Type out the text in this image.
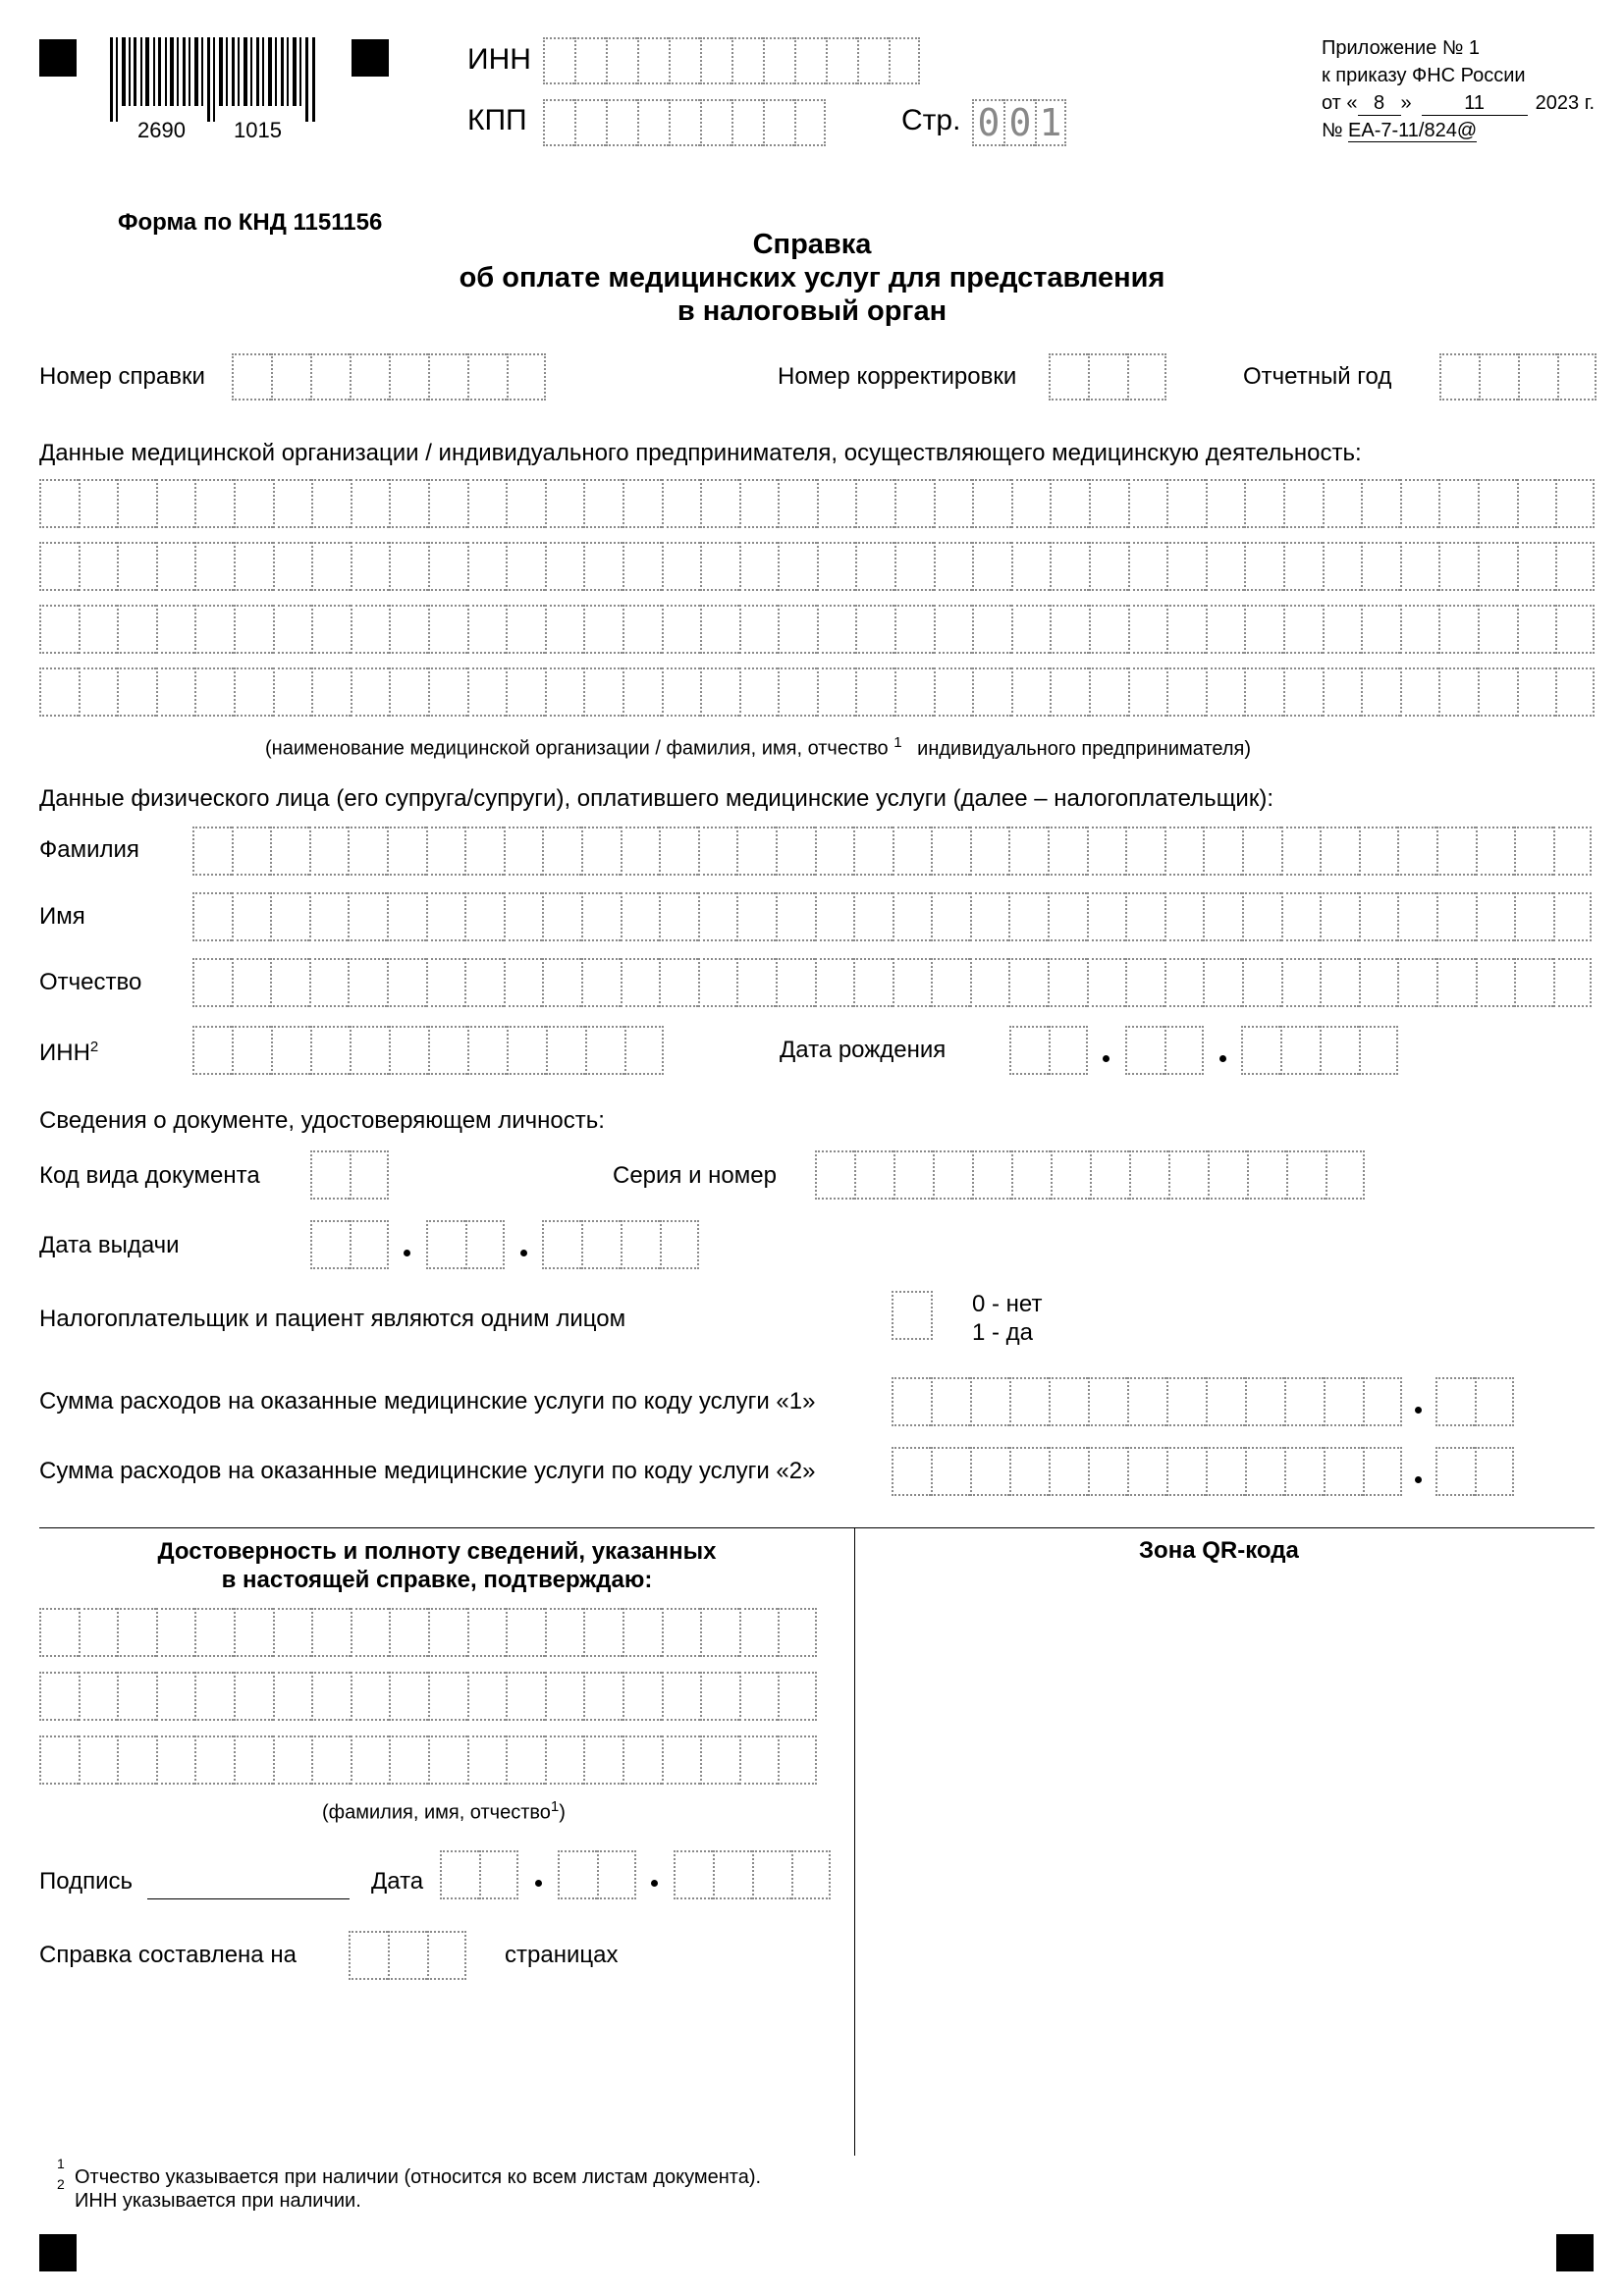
2690 1015
ИНН
КПП	Стр. 0 0 1
Приложение № 1
к приказу ФНС России
от « 8 »	11	2023 г.
№ ЕА-7-11/824@
Форма по КНД 1151156
Справка
об оплате медицинских услуг для представления
в налоговый орган
Номер справки	Номер корректировки	Отчетный год
Данные медицинской организации / индивидуального предпринимателя, осуществляющего медицинскую деятельность:
(наименование медицинской организации / фамилия, имя, отчество $^1$ индивидуального предпринимателя)
Данные физического лица (его супруга/супруги), оплатившего медицинские услуги (далее – налогоплательщик):
Фамилия
Имя
Отчество
ИНН$^2$	Дата рождения
Сведения о документе, удостоверяющем личность:
Код вида документа	Серия и номер
Дата выдачи
Налогоплательщик и пациент являются одним лицом
0 - нет
1 - да
Сумма расходов на оказанные медицинские услуги по коду услуги «1»
Сумма расходов на оказанные медицинские услуги по коду услуги «2»
Достоверность и полноту сведений, указанных
в настоящей справке, подтверждаю:
(фамилия, имя, отчество$^1$)
Подпись	Дата
Справка составлена на	страницах
Зона QR-кода
1
2 Отчество указывается при наличии (относится ко всем листам документа).
ИНН указывается при наличии.
